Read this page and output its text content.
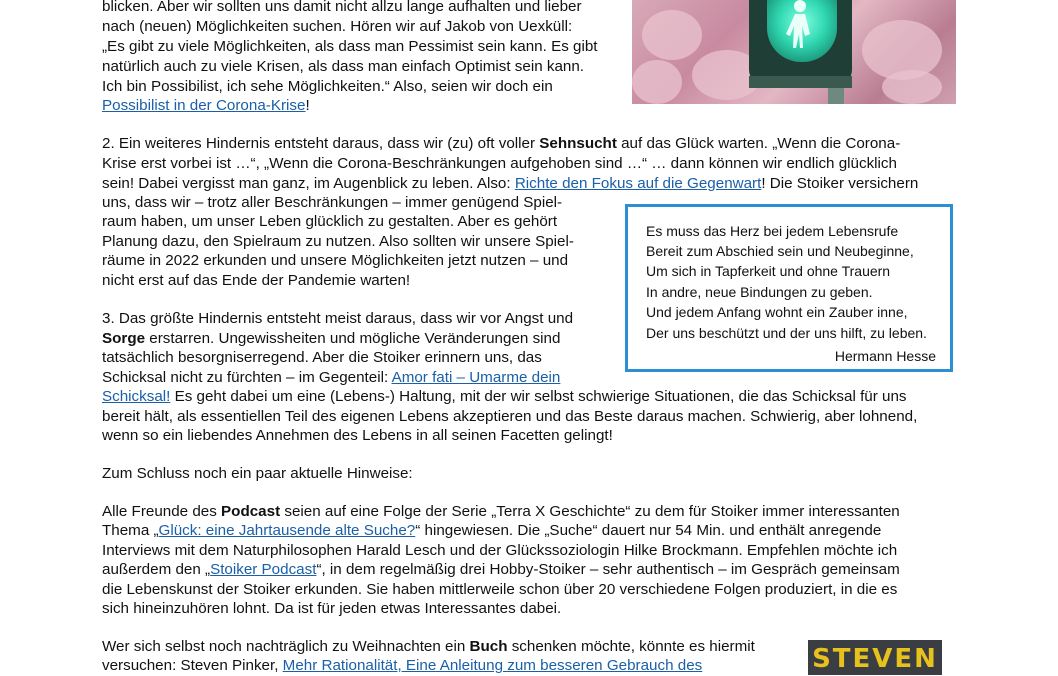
blicken. Aber wir sollten uns damit nicht allzu lange aufhalten und lieber
nach (neuen) Möglichkeiten suchen. Hören wir auf Jakob von Uexküll:
„Es gibt zu viele Möglichkeiten, als dass man Pessimist sein kann. Es gibt
natürlich auch zu viele Krisen, als dass man einfach Optimist sein kann.
Ich bin Possibilist, ich sehe Möglichkeiten.“ Also, seien wir doch ein
Possibilist in der Corona-Krise!
2. Ein weiteres Hindernis entsteht daraus, dass wir (zu) oft voller Sehnsucht auf das Glück warten. „Wenn die Corona-
Krise erst vorbei ist …“, „Wenn die Corona-Beschränkungen aufgehoben sind …“ … dann können wir endlich glücklich
sein! Dabei vergisst man ganz, im Augenblick zu leben. Also: Richte den Fokus auf die Gegenwart! Die Stoiker versichern
uns, dass wir – trotz aller Beschränkungen – immer genügend Spiel-
raum haben, um unser Leben glücklich zu gestalten. Aber es gehört
Planung dazu, den Spielraum zu nutzen. Also sollten wir unsere Spiel-
räume in 2022 erkunden und unsere Möglichkeiten jetzt nutzen – und
nicht erst auf das Ende der Pandemie warten!
3. Das größte Hindernis entsteht meist daraus, dass wir vor Angst und
Sorge erstarren. Ungewissheiten und mögliche Veränderungen sind
tatsächlich besorgniserregend. Aber die Stoiker erinnern uns, das
Schicksal nicht zu fürchten – im Gegenteil: Amor fati – Umarme dein
Schicksal! Es geht dabei um eine (Lebens-) Haltung, mit der wir selbst schwierige Situationen, die das Schicksal für uns
bereit hält, als essentiellen Teil des eigenen Lebens akzeptieren und das Beste daraus machen. Schwierig, aber lohnend,
wenn so ein liebendes Annehmen des Lebens in all seinen Facetten gelingt!
Zum Schluss noch ein paar aktuelle Hinweise:
Alle Freunde des Podcast seien auf eine Folge der Serie „Terra X Geschichte“ zu dem für Stoiker immer interessanten
Thema „Glück: eine Jahrtausende alte Suche?“ hingewiesen. Die „Suche“ dauert nur 54 Min. und enthält anregende
Interviews mit dem Naturphilosophen Harald Lesch und der Glückssoziologin Hilke Brockmann. Empfehlen möchte ich
außerdem den „Stoiker Podcast“, in dem regelmäßig drei Hobby-Stoiker – sehr authentisch – im Gespräch gemeinsam
die Lebenskunst der Stoiker erkunden. Sie haben mittlerweile schon über 20 verschiedene Folgen produziert, in die es
sich hineinzuhören lohnt. Da ist für jeden etwas Interessantes dabei.
Wer sich selbst noch nachträglich zu Weihnachten ein Buch schenken möchte, könnte es hiermit
versuchen: Steven Pinker, Mehr Rationalität, Eine Anleitung zum besseren Gebrauch des	STEVEN
Es muss das Herz bei jedem Lebensrufe
Bereit zum Abschied sein und Neubeginne,
Um sich in Tapferkeit und ohne Trauern
In andre, neue Bindungen zu geben.
Und jedem Anfang wohnt ein Zauber inne,
Der uns beschützt und der uns hilft, zu leben.
Hermann Hesse
